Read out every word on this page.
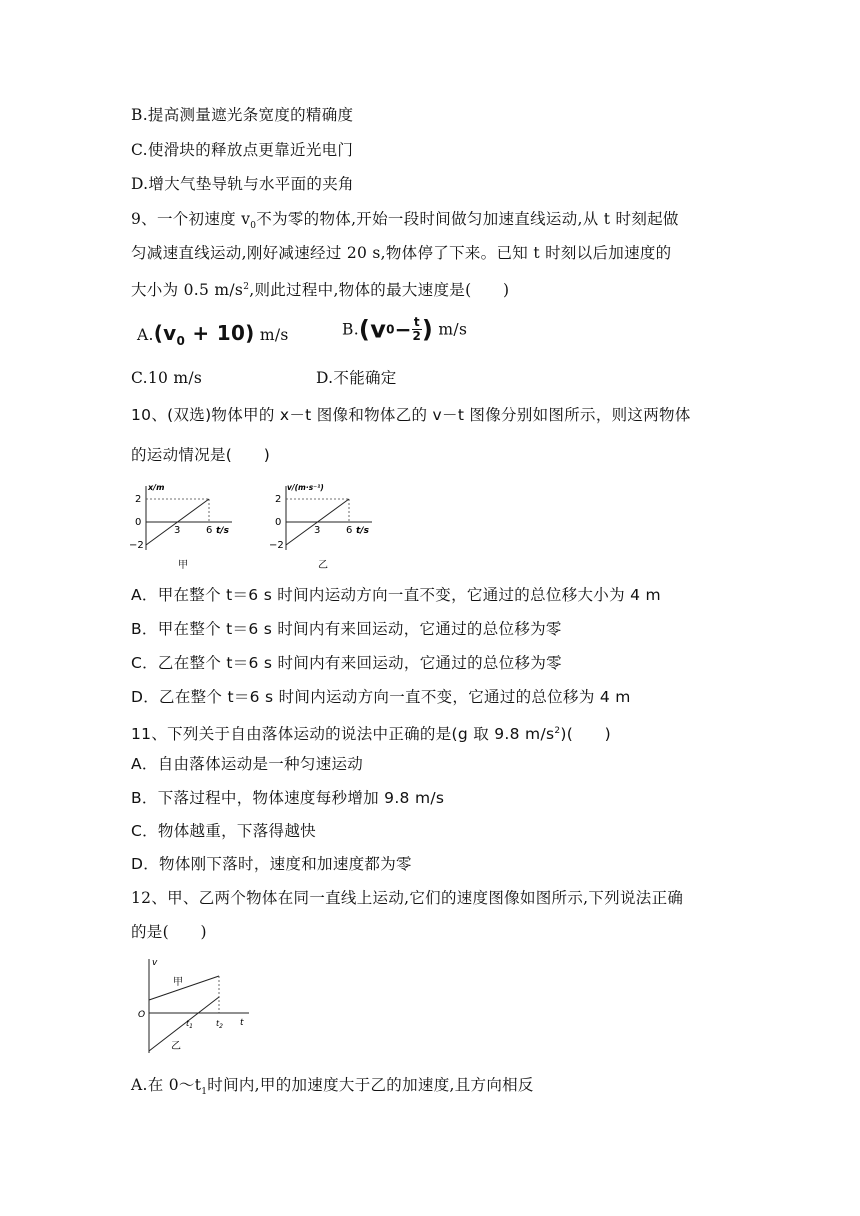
B.提高测量遮光条宽度的精确度
C.使滑块的释放点更靠近光电门
D.增大气垫导轨与水平面的夹角
9、一个初速度 $v_0$不为零的物体,开始一段时间做匀加速直线运动,从 t 时刻起做
匀减速直线运动,刚好减速经过 20 s,物体停了下来。已知 t 时刻以后加速度的
大小为 0.5 $m/s^2$,则此过程中,物体的最大速度是(　　)
$A.(v_0 + 10)$ m/s	$B.(v0- \frac{t}{2}$ ) m/s
C.10 m/s	D.不能确定
10、(双选)物体甲的 x－t 图像和物体乙的 v－t 图像分别如图所示，则这两物体
的运动情况是(　　)
x/m
2
0
−2
3	6 t/s
甲
v/(m·s⁻¹)
2
0
−2
3	6 t/s
乙
A．甲在整个 t＝6 s 时间内运动方向一直不变，它通过的总位移大小为 4 m
B．甲在整个 t＝6 s 时间内有来回运动，它通过的总位移为零
C．乙在整个 t＝6 s 时间内有来回运动，它通过的总位移为零
D．乙在整个 t＝6 s 时间内运动方向一直不变，它通过的总位移为 4 m
11、下列关于自由落体运动的说法中正确的是(g 取 9.8 $m/s^2$)(　　)
A．自由落体运动是一种匀速运动
B．下落过程中，物体速度每秒增加 9.8 m/s
C．物体越重，下落得越快
D．物体刚下落时，速度和加速度都为零
12、甲、乙两个物体在同一直线上运动,它们的速度图像如图所示,下列说法正确
的是(　　)
v
甲
乙
O
$t_1$	$t_2$ t
A.在 $0\sim t_1$时间内,甲的加速度大于乙的加速度,且方向相反
